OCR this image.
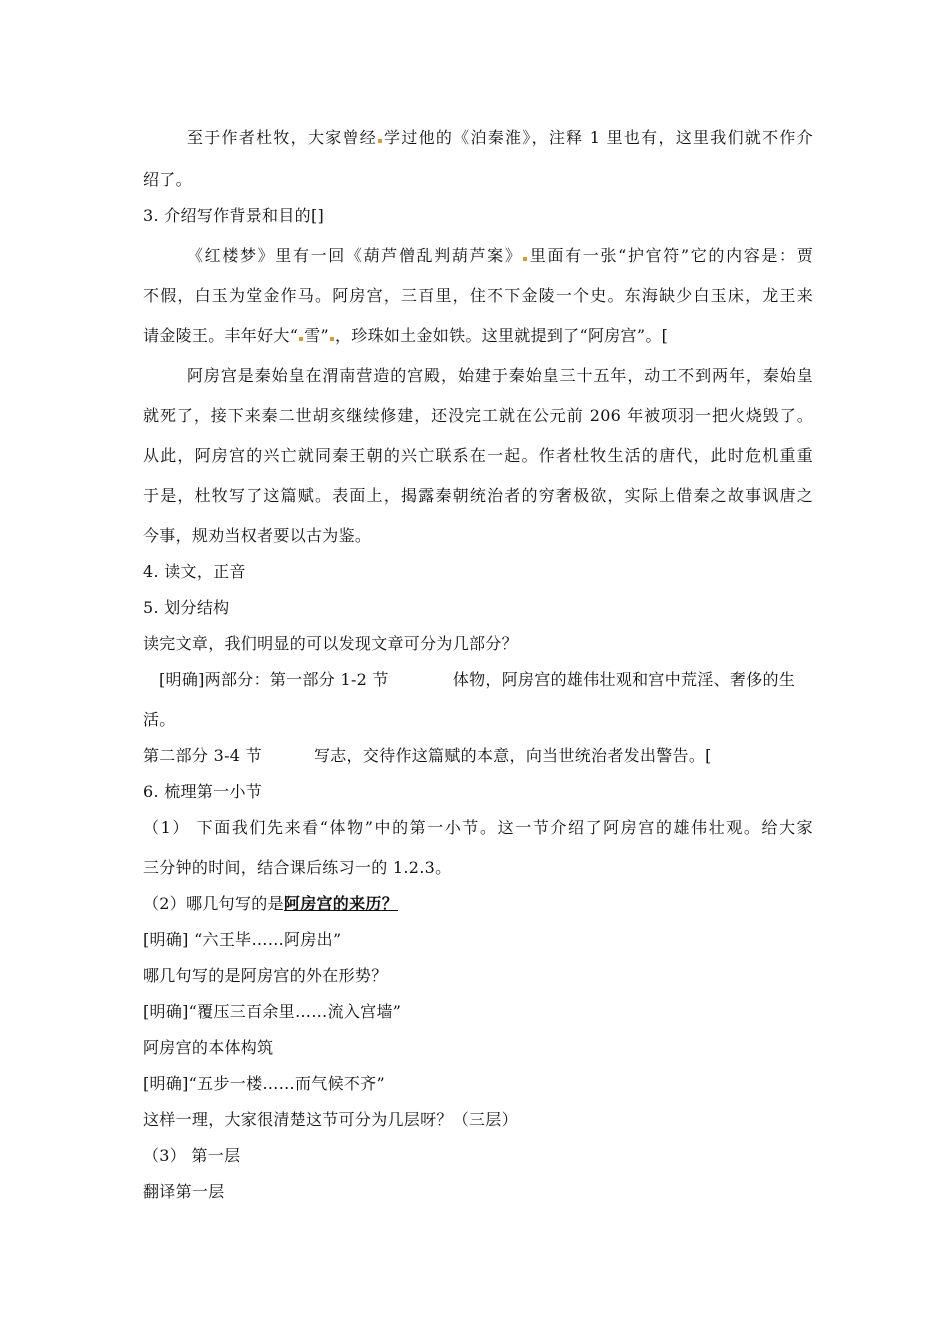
至于作者杜牧，大家曾经 学过他的《泊秦淮》，注释 1 里也有，这里我们就不作介
绍了。
3. 介绍写作背景和目的[]
《红楼梦》里有一回《葫芦僧乱判葫芦案》 里面有一张“护官符”它的内容是：贾
不假，白玉为堂金作马。阿房宫，三百里，住不下金陵一个史。东海缺少白玉床，龙王来
请金陵王。丰年好大“ 雪” ，珍珠如土金如铁。这里就提到了“阿房宫”。[
阿房宫是秦始皇在渭南营造的宫殿，始建于秦始皇三十五年，动工不到两年，秦始皇
就死了，接下来秦二世胡亥继续修建，还没完工就在公元前 206 年被项羽一把火烧毁了。
从此，阿房宫的兴亡就同秦王朝的兴亡联系在一起。作者杜牧生活的唐代，此时危机重重
于是，杜牧写了这篇赋。表面上，揭露秦朝统治者的穷奢极欲，实际上借秦之故事讽唐之
今事，规劝当权者要以古为鉴。
4. 读文，正音
5. 划分结构
读完文章，我们明显的可以发现文章可分为几部分？
[明确]两部分：第一部分 1-2 节	体物，阿房宫的雄伟壮观和宫中荒淫、奢侈的生
活。
第二部分 3-4 节	写志，交待作这篇赋的本意，向当世统治者发出警告。[
6. 梳理第一小节
（1） 下面我们先来看“体物”中的第一小节。这一节介绍了阿房宫的雄伟壮观。给大家
三分钟的时间，结合课后练习一的 1.2.3。
（2）哪几句写的是阿房宫的来历？
[明确] “六王毕……阿房出”
哪几句写的是阿房宫的外在形势？
[明确]“覆压三百余里……流入宫墙”
阿房宫的本体构筑
[明确]“五步一楼……而气候不齐”
这样一理，大家很清楚这节可分为几层呀？（三层）
（3） 第一层
翻译第一层
